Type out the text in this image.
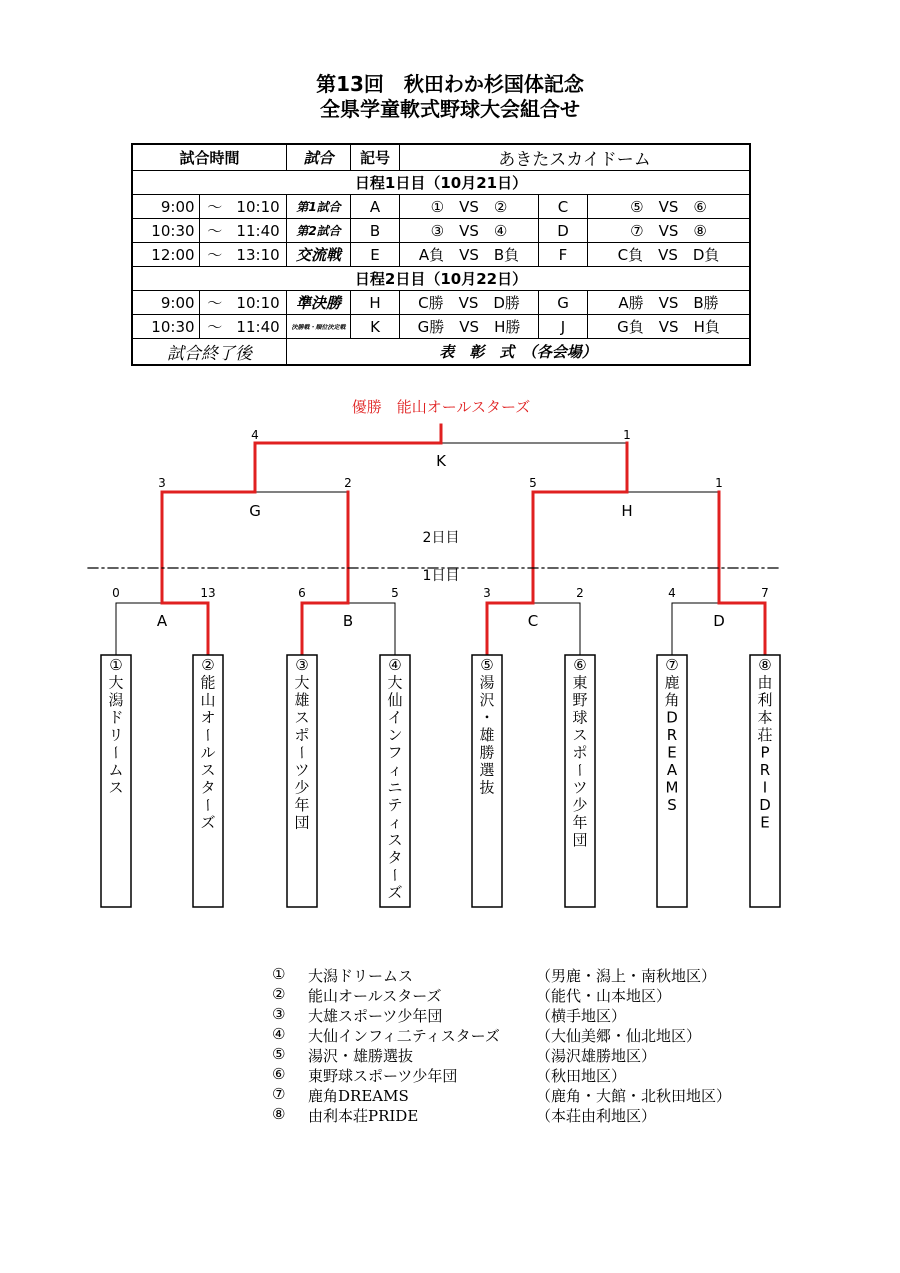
第13回　秋田わか杉国体記念
全県学童軟式野球大会組合せ
試合時間			試合	記号	あきたスカイドーム		
日程1日目（10月21日）							
9:00	～	10:10	第1試合	A	①　VS　②	C	⑤　VS　⑥
10:30	～	11:40	第2試合	B	③　VS　④	D	⑦　VS　⑧
12:00	～	13:10	交流戦	E	A負　VS　B負	F	C負　VS　D負
日程2日目（10月22日）							
9:00	～	10:10	準決勝	H	C勝　VS　D勝	G	A勝　VS　B勝
10:30	～	11:40	決勝戦・順位決定戦	K	G勝　VS　H勝	J	G負　VS　H負
試合終了後			表　彰　式　（各会場）				
0	13
A
6	5
B
3	2
C
4	7
D
3	2
G
5	1
H
4	1
K
優勝　能山オールスターズ
2日目
1日目
①
大
潟
ド
リ
ー
ム
ス
②
能
山
オ
ー
ル
ス
タ
ー
ズ
③
大
雄
ス
ポ
ー
ツ
少
年
団
④
大
仙
イ
ン
フ
ィ
ニ
テ
ィ
ス
タ
ー
ズ
⑤
湯
沢
・
雄
勝
選
抜
⑥
東
野
球
ス
ポ
ー
ツ
少
年
団
⑦
鹿
角
D
R
E
A
M
S
⑧
由
利
本
荘
P
R
I
D
E
① 大潟ドリームス	（男鹿・潟上・南秋地区）
② 能山オールスターズ	（能代・山本地区）
③ 大雄スポーツ少年団	（横手地区）
④ 大仙インフィ二ティスターズ （大仙美郷・仙北地区）
⑤ 湯沢・雄勝選抜	（湯沢雄勝地区）
⑥ 東野球スポーツ少年団	（秋田地区）
⑦ 鹿角DREAMS	（鹿角・大館・北秋田地区）
⑧ 由利本荘PRIDE	（本荘由利地区）
